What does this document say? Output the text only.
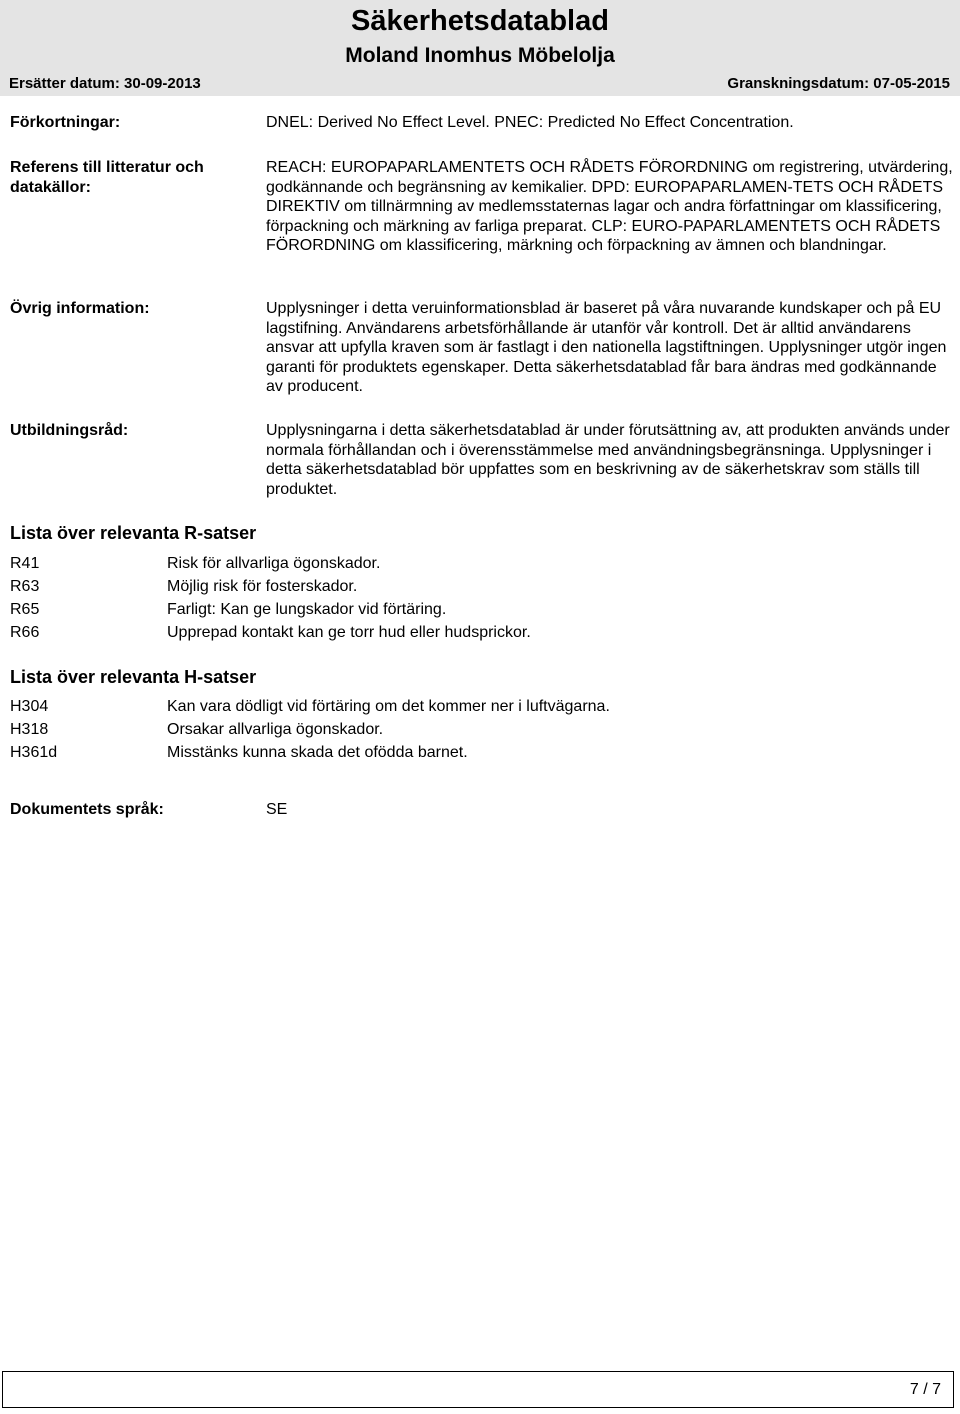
Säkerhetsdatablad
Moland Inomhus Möbelolja
Ersätter datum: 30-09-2013	Granskningsdatum: 07-05-2015
Förkortningar:	DNEL: Derived No Effect Level. PNEC: Predicted No Effect Concentration.
Referens till litteratur och datakällor:
REACH: EUROPAPARLAMENTETS OCH RÅDETS FÖRORDNING om registrering, utvärdering, godkännande och begränsning av kemikalier. DPD: EUROPAPARLAMEN-TETS OCH RÅDETS DIREKTIV om tillnärmning av medlemsstaternas lagar och andra författningar om klassificering, förpackning och märkning av farliga preparat. CLP: EURO-PAPARLAMENTETS OCH RÅDETS FÖRORDNING om klassificering, märkning och förpackning av ämnen och blandningar.
Övrig information:	Upplysninger i detta veruinformationsblad är baseret på våra nuvarande kundskaper och på EU lagstifning. Användarens arbetsförhållande är utanför vår kontroll. Det är alltid användarens ansvar att upfylla kraven som är fastlagt i den nationella lagstiftningen. Upplysninger utgör ingen garanti för produktets egenskaper. Detta säkerhetsdatablad får bara ändras med godkännande av producent.
Utbildningsråd:	Upplysningarna i detta säkerhetsdatablad är under förutsättning av, att produkten används under normala förhållandan och i överensstämmelse med användningsbegränsninga. Upplysninger i detta säkerhetsdatablad bör uppfattes som en beskrivning av de säkerhetskrav som ställs till produktet.
Lista över relevanta R-satser
R41	Risk för allvarliga ögonskador.
R63	Möjlig risk för fosterskador.
R65	Farligt: Kan ge lungskador vid förtäring.
R66	Upprepad kontakt kan ge torr hud eller hudsprickor.
Lista över relevanta H-satser
H304	Kan vara dödligt vid förtäring om det kommer ner i luftvägarna.
H318	Orsakar allvarliga ögonskador.
H361d	Misstänks kunna skada det ofödda barnet.
Dokumentets språk:	SE
7 / 7
